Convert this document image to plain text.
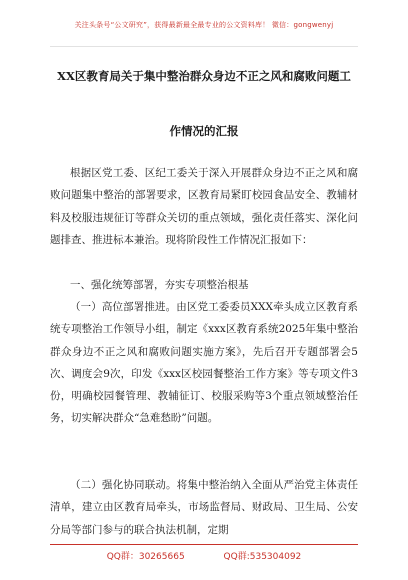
关注头条号“公文研究”，获得最新最全最专业的公文资料库！ 微信：gongwenyj
XX区教育局关于集中整治群众身边不正之风和腐败问题工
作情况的汇报
根据区党工委、区纪工委关于深入开展群众身边不正之风和腐败问题集中整治的部署要求，区教育局紧盯校园食品安全、教辅材料及校服违规征订等群众关切的重点领域，强化责任落实、深化问题排查、推进标本兼治。现将阶段性工作情况汇报如下：
一、强化统筹部署，夯实专项整治根基
（一）高位部署推进。由区党工委委员XXX牵头成立区教育系统专项整治工作领导小组，制定《xxx区教育系统2025年集中整治群众身边不正之风和腐败问题实施方案》，先后召开专题部署会5次、调度会9次，印发《xxx区校园餐整治工作方案》等专项文件3份，明确校园餐管理、教辅征订、校服采购等3个重点领域整治任务，切实解决群众“急难愁盼”问题。
（二）强化协同联动。将集中整治纳入全面从严治党主体责任清单，建立由区教育局牵头，市场监督局、财政局、卫生局、公安分局等部门参与的联合执法机制，定期
QQ群：30265665	QQ群:535304092
